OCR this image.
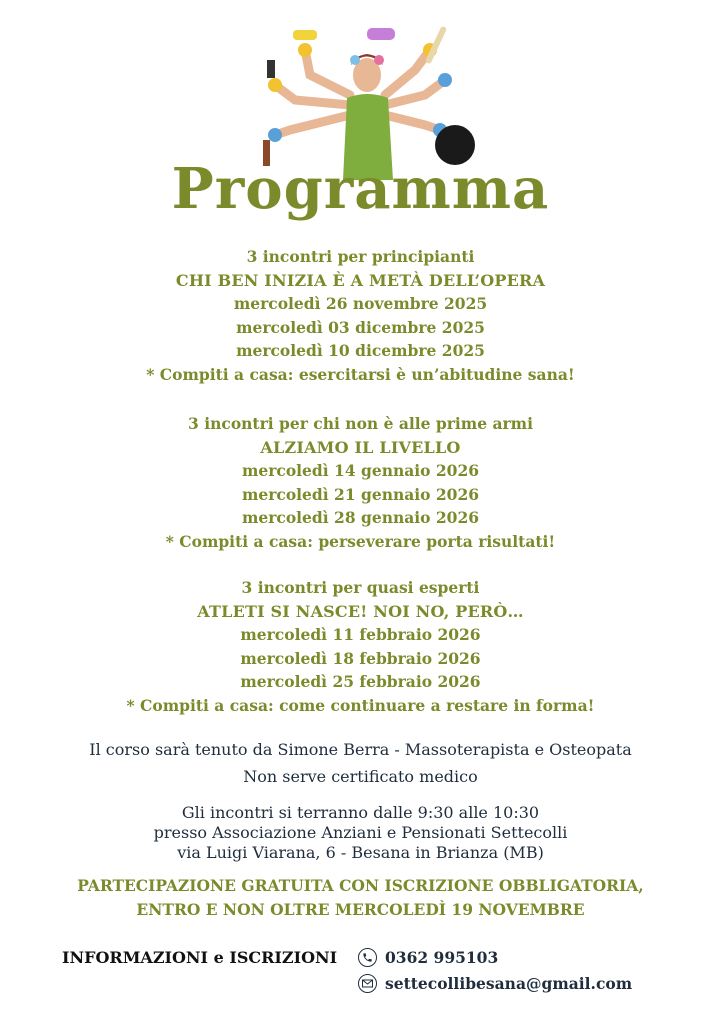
Programma
3 incontri per principianti
CHI BEN INIZIA È A METÀ DELL’OPERA
mercoledì 26 novembre 2025
mercoledì 03 dicembre 2025
mercoledì 10 dicembre 2025
* Compiti a casa: esercitarsi è un’abitudine sana!
3 incontri per chi non è alle prime armi
ALZIAMO IL LIVELLO
mercoledì 14 gennaio 2026
mercoledì 21 gennaio 2026
mercoledì 28 gennaio 2026
* Compiti a casa: perseverare porta risultati!
3 incontri per quasi esperti
ATLETI SI NASCE! NOI NO, PERÒ…
mercoledì 11 febbraio 2026
mercoledì 18 febbraio 2026
mercoledì 25 febbraio 2026
* Compiti a casa: come continuare a restare in forma!
Il corso sarà tenuto da Simone Berra - Massoterapista e Osteopata
Non serve certificato medico
Gli incontri si terranno dalle 9:30 alle 10:30
presso Associazione Anziani e Pensionati Settecolli
via Luigi Viarana, 6 - Besana in Brianza (MB)
PARTECIPAZIONE GRATUITA CON ISCRIZIONE OBBLIGATORIA,
ENTRO E NON OLTRE MERCOLEDÌ 19 NOVEMBRE
INFORMAZIONI e ISCRIZIONI	0362 995103
settecollibesana@gmail.com
